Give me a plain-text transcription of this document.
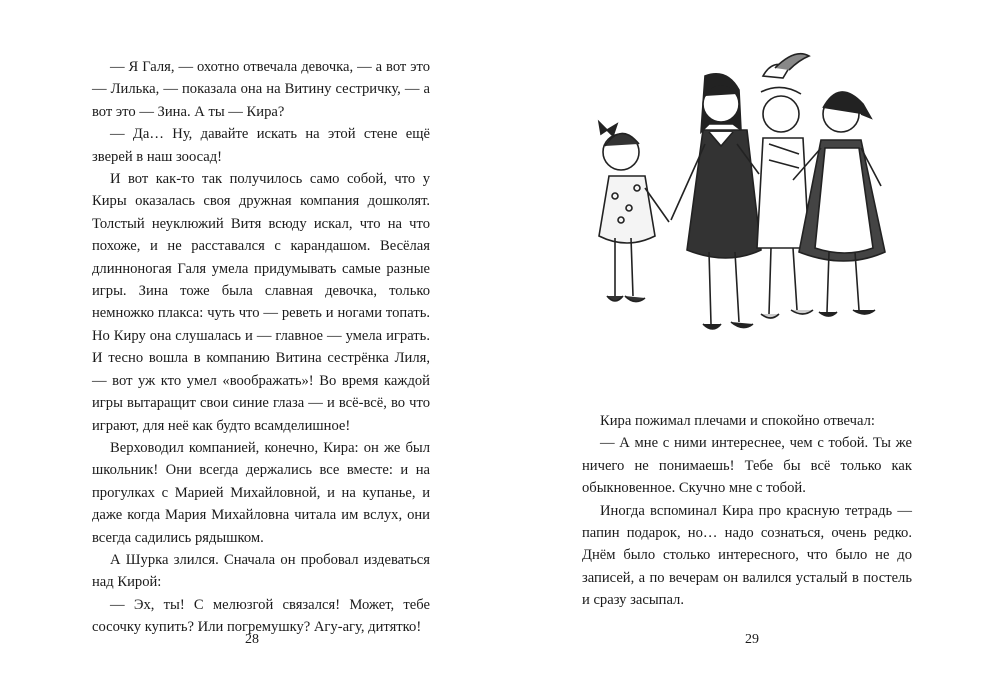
— Я Галя, — охотно отвечала девочка, — а вот это — Лилька, — показала она на Витину сестричку, — а вот это — Зина. А ты — Кира?

— Да… Ну, давайте искать на этой стене ещё зверей в наш зоосад!

И вот как-то так получилось само собой, что у Киры оказалась своя дружная компания дошколят. Толстый неуклюжий Витя всюду искал, что на что похоже, и не расставался с карандашом. Весёлая длинноногая Галя умела придумывать самые разные игры. Зина тоже была славная девочка, только немножко плакса: чуть что — реветь и ногами топать. Но Киру она слушалась и — главное — умела играть. И тесно вошла в компанию Витина сестрёнка Лиля, — вот уж кто умел «воображать»! Во время каждой игры вытаращит свои синие глаза — и всё-всё, во что играют, для неё как будто всамделишное!

Верховодил компанией, конечно, Кира: он же был школьник! Они всегда держались все вместе: и на прогулках с Марией Михайловной, и на купанье, и даже когда Мария Михайловна читала им вслух, они всегда садились рядышком.

А Шурка злился. Сначала он пробовал издеваться над Кирой:

— Эх, ты! С мелюзгой связался! Может, тебе сосочку купить? Или погремушку? Агу-агу, дитятко!

28	29

Кира пожимал плечами и спокойно отвечал:

— А мне с ними интереснее, чем с тобой. Ты же ничего не понимаешь! Тебе бы всё только как обыкновенное. Скучно мне с тобой.

Иногда вспоминал Кира про красную тетрадь — папин подарок, но… надо сознаться, очень редко. Днём было столько интересного, что было не до записей, а по вечерам он валился усталый в постель и сразу засыпал.
